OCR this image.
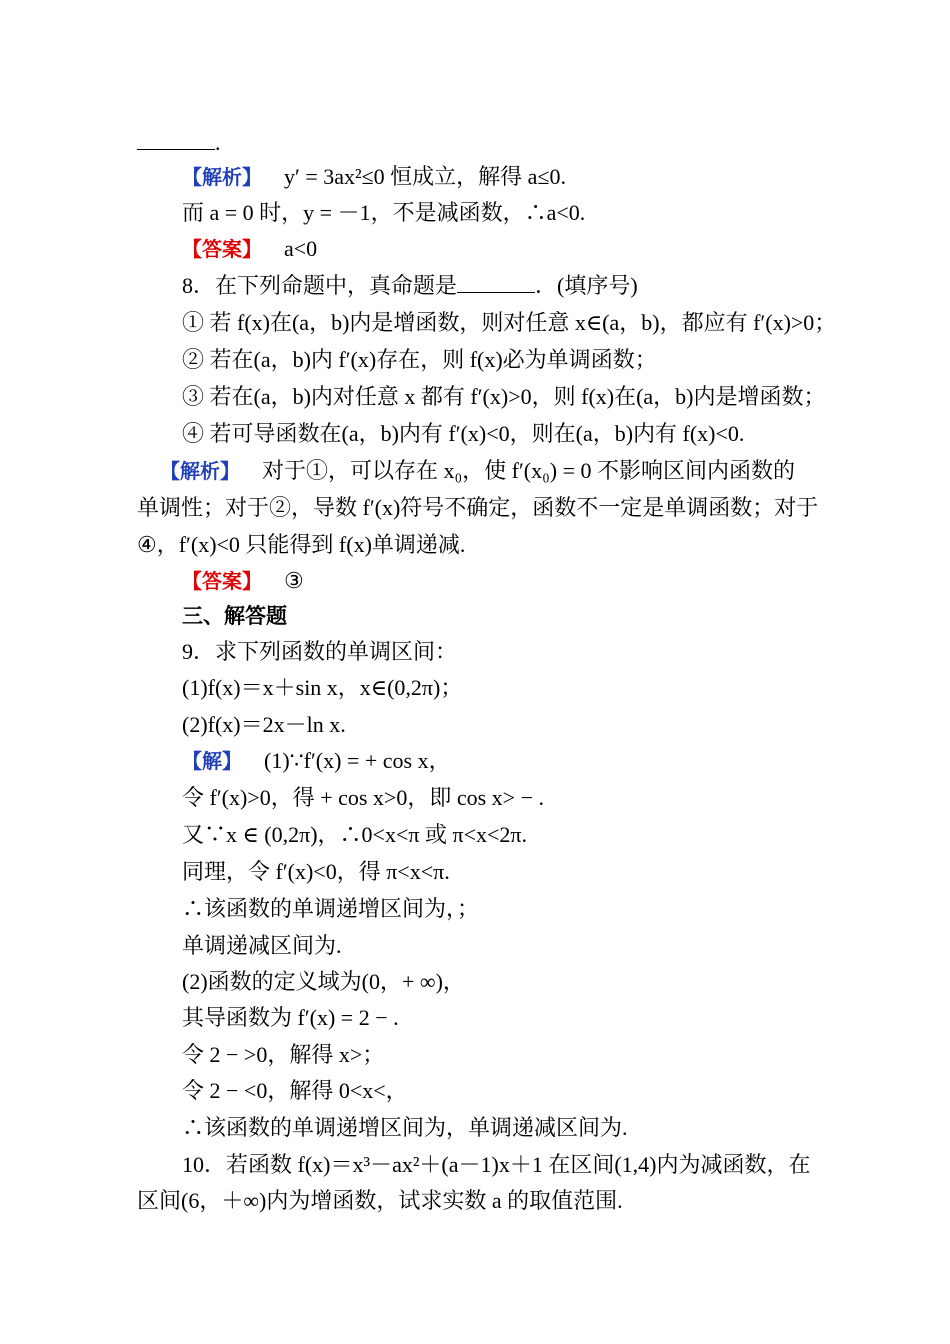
.
【解析】 y′ = 3ax²≤0 恒成立，解得 a≤0.
而 a = 0 时，y = －1，不是减函数，∴a<0.
【答案】 a<0
8．在下列命题中，真命题是	．(填序号)
① 若 f(x)在(a，b)内是增函数，则对任意 x∈(a，b)，都应有 f′(x)>0；
② 若在(a，b)内 f′(x)存在，则 f(x)必为单调函数；
③ 若在(a，b)内对任意 x 都有 f′(x)>0，则 f(x)在(a，b)内是增函数；
④ 若可导函数在(a，b)内有 f′(x)<0，则在(a，b)内有 f(x)<0.
【解析】 对于①，可以存在 x₀，使 f′(x₀) = 0 不影响区间内函数的
单调性；对于②，导数 f′(x)符号不确定，函数不一定是单调函数；对于
④，f′(x)<0 只能得到 f(x)单调递减.
【答案】 ③
三、解答题
9．求下列函数的单调区间：
(1)f(x)＝x＋sin x，x∈(0,2π)；
(2)f(x)＝2x－ln x.
【解】 (1)∵f′(x) = + cos x，
令 f′(x)>0，得 + cos x>0，即 cos x> − .
又∵x ∈ (0,2π)，∴0<x<π 或 π<x<2π.
同理，令 f′(x)<0，得 π<x<π.
∴该函数的单调递增区间为，；
单调递减区间为.
(2)函数的定义域为(0，+ ∞)，
其导函数为 f′(x) = 2 − .
令 2 − >0，解得 x>；
令 2 − <0，解得 0<x<，
∴该函数的单调递增区间为，单调递减区间为.
10．若函数 f(x)＝x³－ax²＋(a－1)x＋1 在区间(1,4)内为减函数，在
区间(6，＋∞)内为增函数，试求实数 a 的取值范围.
